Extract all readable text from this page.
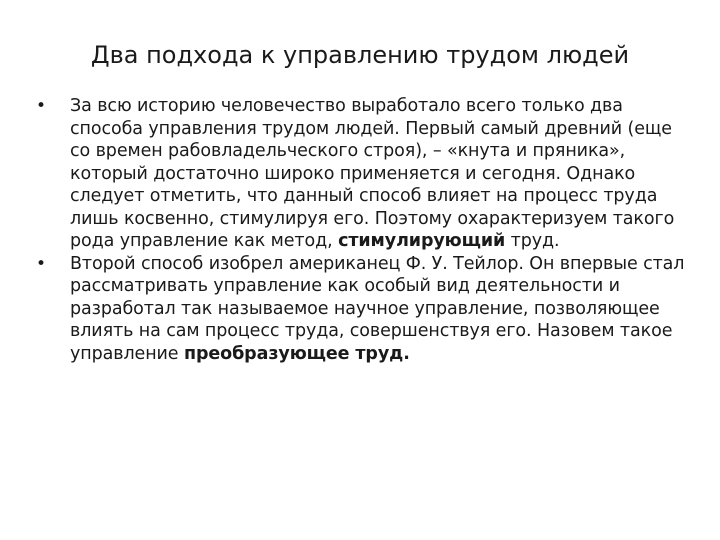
Два подхода к управлению трудом людей
•
За всю историю человечество выработало всего только два способа управления трудом людей. Первый самый древний (еще со времен рабовладельческого строя), – «кнута и пряника», который достаточно широко применяется и сегодня. Однако следует отметить, что данный способ влияет на процесс труда лишь косвенно, стимулируя его. Поэтому охарактеризуем такого рода управление как метод, стимулирующий труд.
•
Второй способ изобрел американец Ф. У. Тейлор. Он впервые стал рассматривать управление как особый вид деятельности и разработал так называемое научное управление, позволяющее влиять на сам процесс труда, совершенствуя его. Назовем такое управление преобразующее труд.
